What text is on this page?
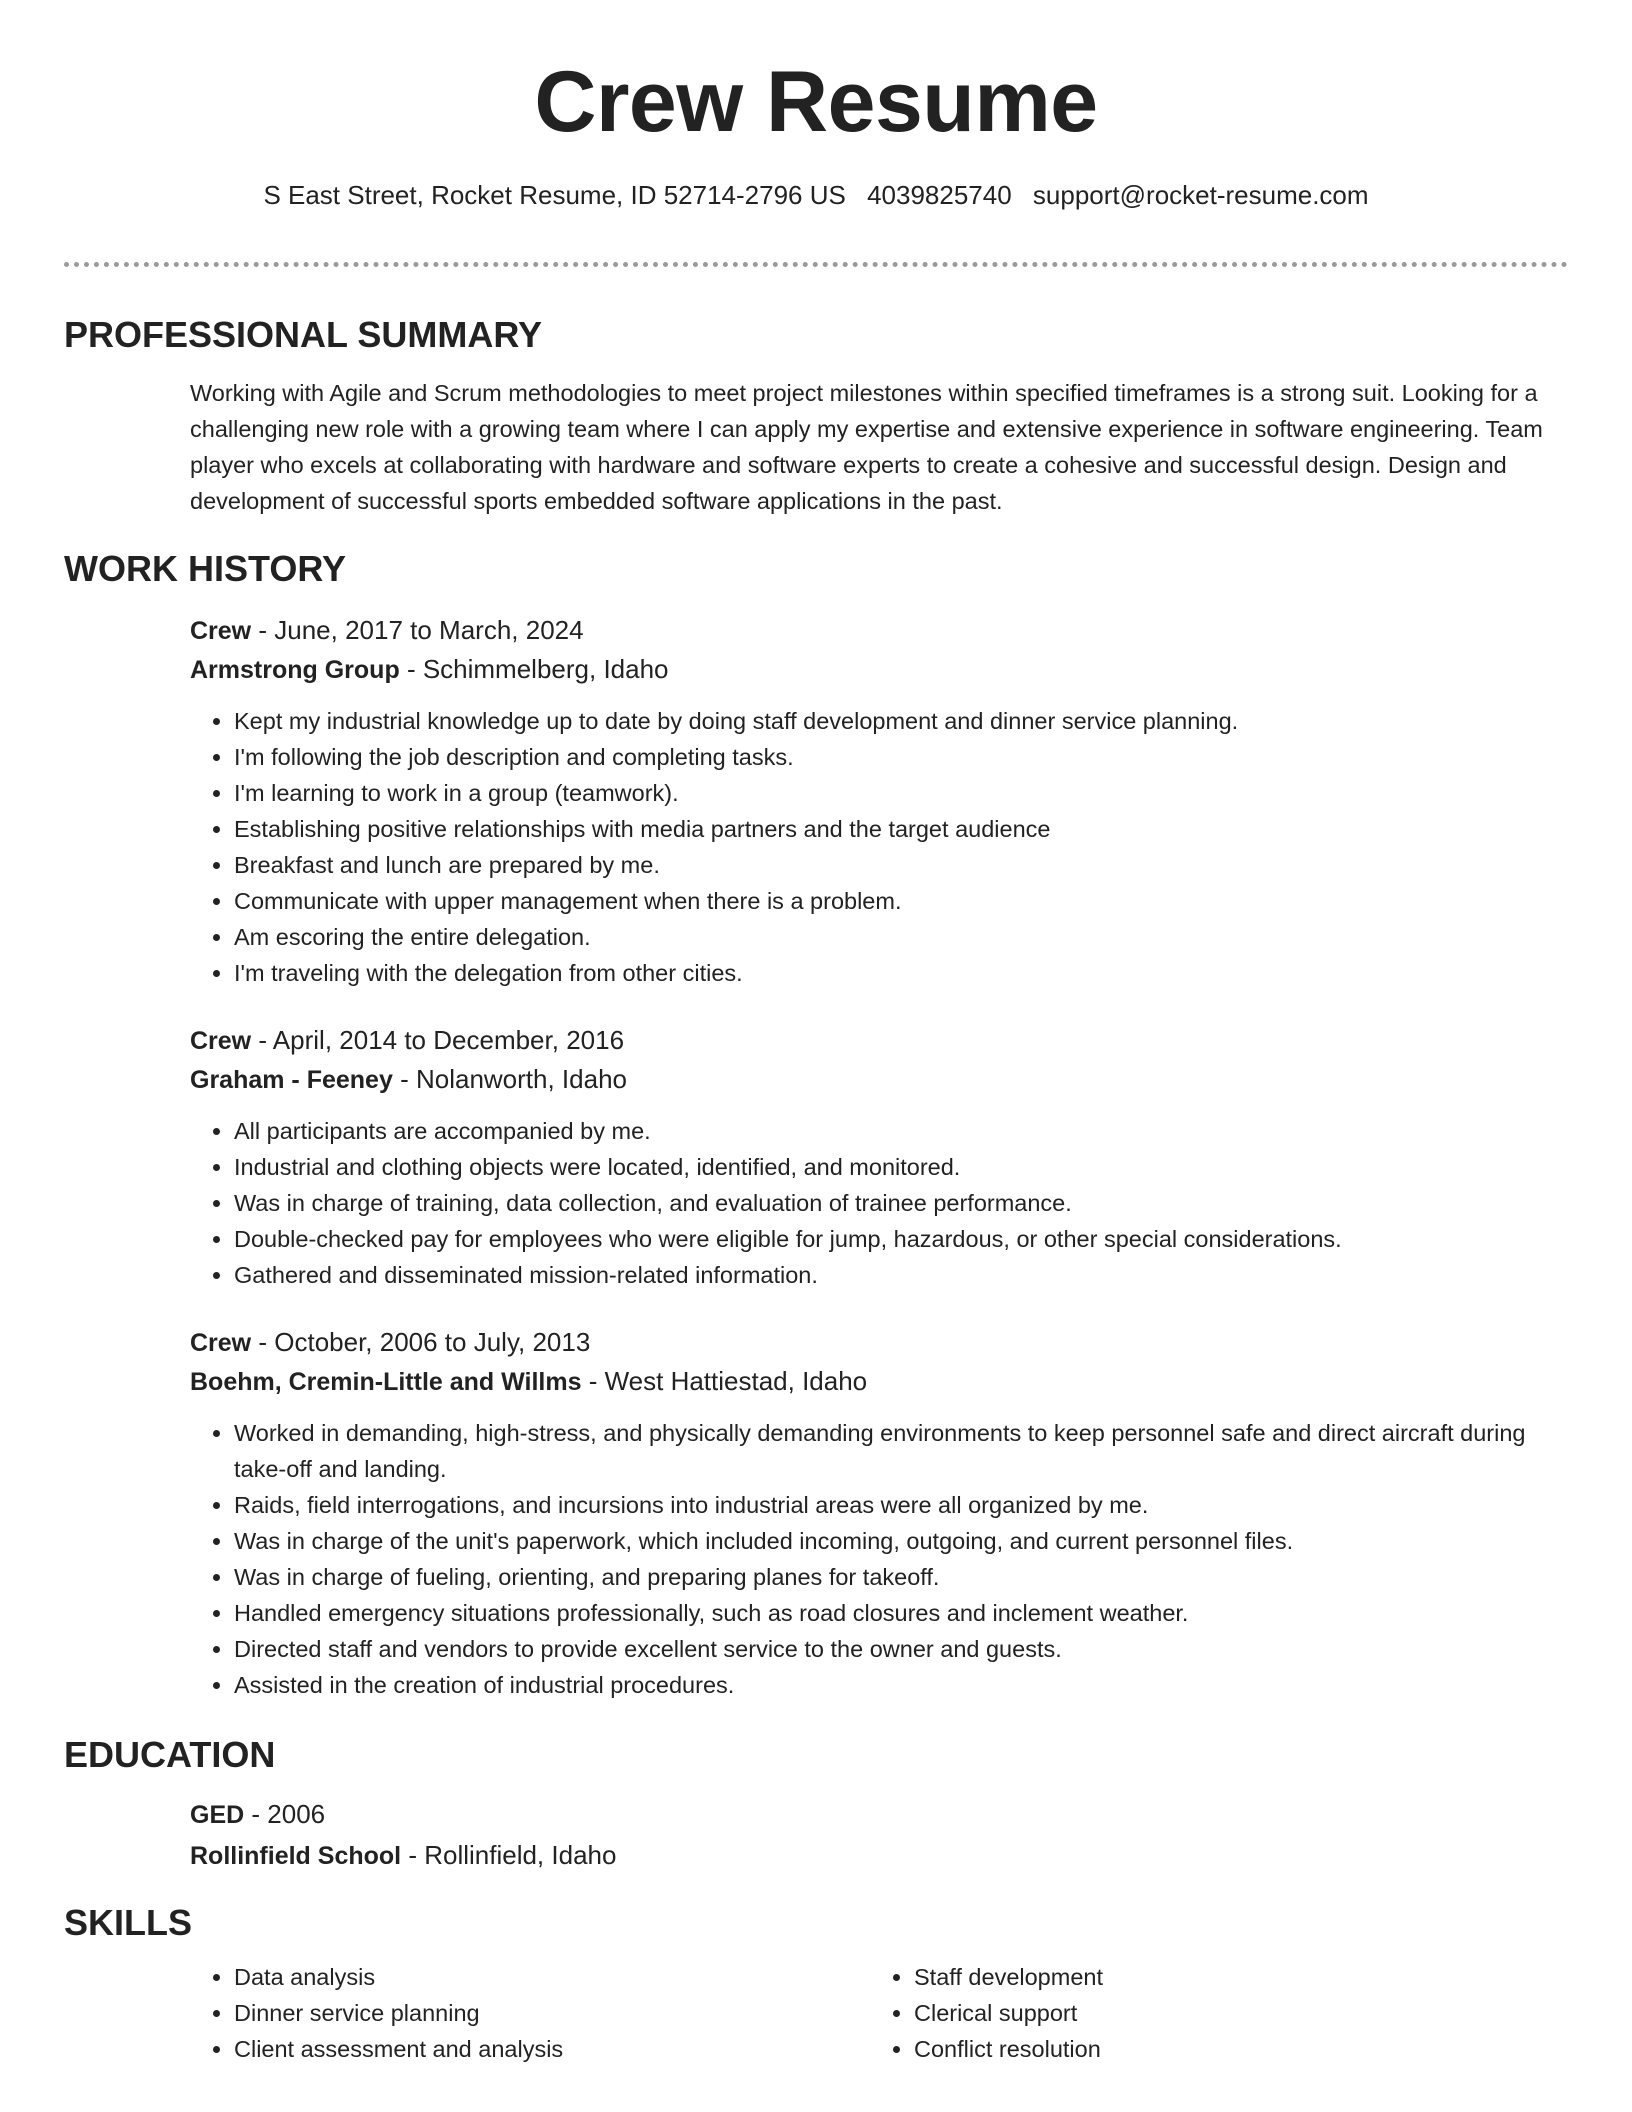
Crew Resume
S East Street, Rocket Resume, ID 52714-2796 US 4039825740 support@rocket-resume.com
PROFESSIONAL SUMMARY

Working with Agile and Scrum methodologies to meet project milestones within specified timeframes is a strong suit. Looking for a challenging new role with a growing team where I can apply my expertise and extensive experience in software engineering. Team player who excels at collaborating with hardware and software experts to create a cohesive and successful design. Design and development of successful sports embedded software applications in the past.

WORK HISTORY

Crew - June, 2017 to March, 2024

Armstrong Group - Schimmelberg, Idaho

• Kept my industrial knowledge up to date by doing staff development and dinner service planning.
• I'm following the job description and completing tasks.
• I'm learning to work in a group (teamwork).
• Establishing positive relationships with media partners and the target audience
• Breakfast and lunch are prepared by me.
• Communicate with upper management when there is a problem.
• Am escoring the entire delegation.
• I'm traveling with the delegation from other cities.

Crew - April, 2014 to December, 2016

Graham - Feeney - Nolanworth, Idaho

• All participants are accompanied by me.
• Industrial and clothing objects were located, identified, and monitored.
• Was in charge of training, data collection, and evaluation of trainee performance.
• Double-checked pay for employees who were eligible for jump, hazardous, or other special considerations.
• Gathered and disseminated mission-related information.

Crew - October, 2006 to July, 2013

Boehm, Cremin-Little and Willms - West Hattiestad, Idaho

• Worked in demanding, high-stress, and physically demanding environments to keep personnel safe and direct aircraft during take-off and landing.
• Raids, field interrogations, and incursions into industrial areas were all organized by me.
• Was in charge of the unit's paperwork, which included incoming, outgoing, and current personnel files.
• Was in charge of fueling, orienting, and preparing planes for takeoff.
• Handled emergency situations professionally, such as road closures and inclement weather.
• Directed staff and vendors to provide excellent service to the owner and guests.
• Assisted in the creation of industrial procedures.
EDUCATION

GED - 2006

Rollinfield School - Rollinfield, Idaho

SKILLS
• Data analysis
• Dinner service planning
• Client assessment and analysis
• Staff development
• Clerical support
• Conflict resolution
